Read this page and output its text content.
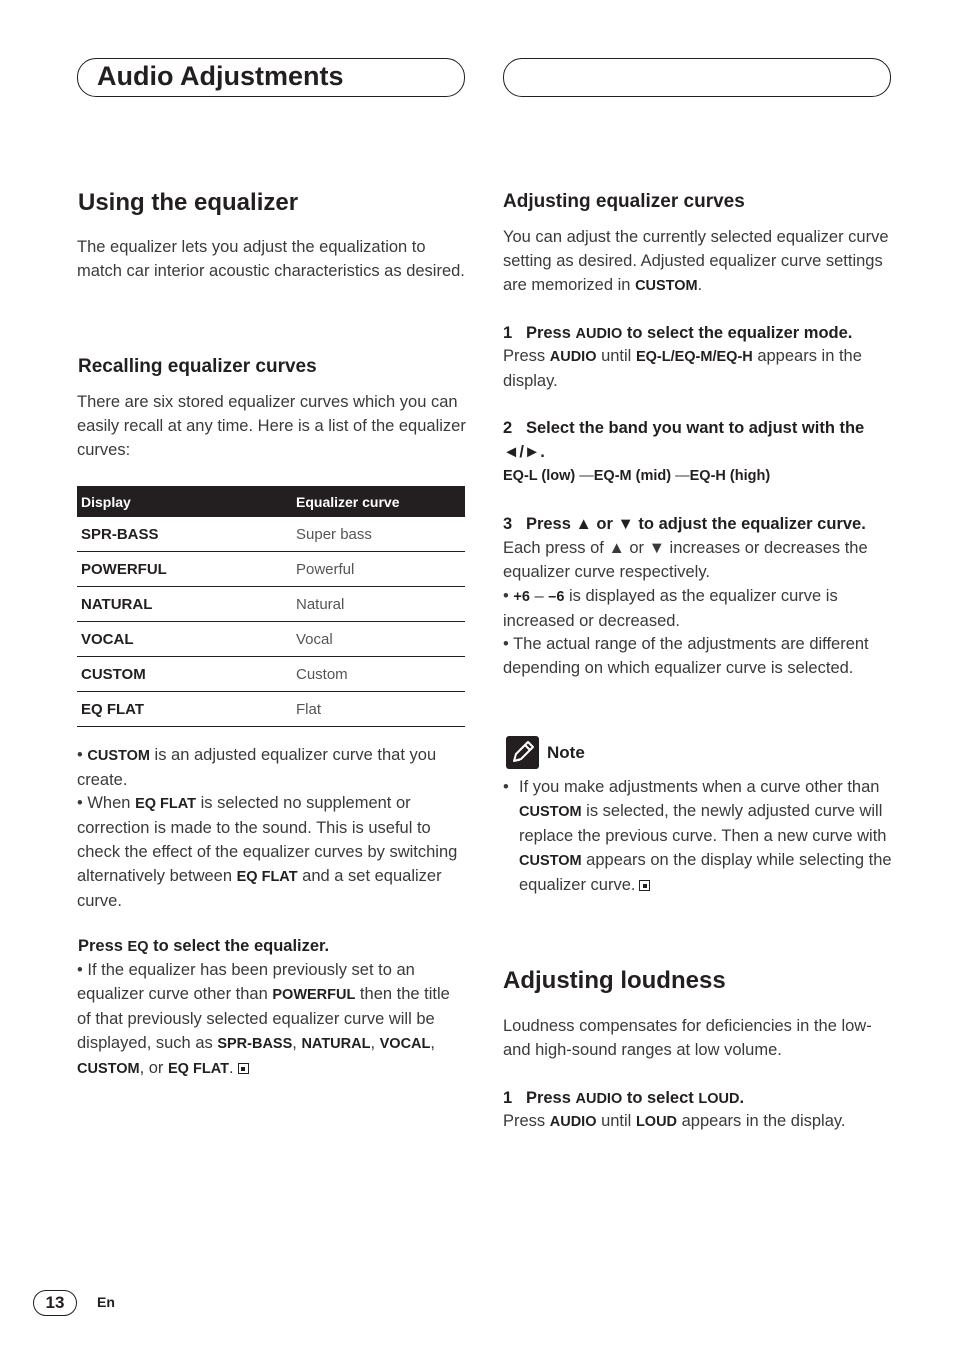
Audio Adjustments
Using the equalizer
The equalizer lets you adjust the equalization to match car interior acoustic characteristics as desired.
Recalling equalizer curves
There are six stored equalizer curves which you can easily recall at any time. Here is a list of the equalizer curves:
Display	Equalizer curve
SPR-BASS	Super bass
POWERFUL	Powerful
NATURAL	Natural
VOCAL	Vocal
CUSTOM	Custom
EQ FLAT	Flat
• CUSTOM is an adjusted equalizer curve that you create.
• When EQ FLAT is selected no supplement or correction is made to the sound. This is useful to check the effect of the equalizer curves by switching alternatively between EQ FLAT and a set equalizer curve.
Press EQ to select the equalizer.
• If the equalizer has been previously set to an equalizer curve other than POWERFUL then the title of that previously selected equalizer curve will be displayed, such as SPR-BASS, NATURAL, VOCAL, CUSTOM, or EQ FLAT.
Adjusting equalizer curves
You can adjust the currently selected equalizer curve setting as desired. Adjusted equalizer curve settings are memorized in CUSTOM.
1 Press AUDIO to select the equalizer mode.
Press AUDIO until EQ-L/EQ-M/EQ-H appears in the display.
2 Select the band you want to adjust with the ◄/►.
EQ-L (low) —EQ-M (mid) —EQ-H (high)
3 Press ▲ or ▼ to adjust the equalizer curve.
Each press of ▲ or ▼ increases or decreases the equalizer curve respectively.
• +6 – –6 is displayed as the equalizer curve is increased or decreased.
• The actual range of the adjustments are different depending on which equalizer curve is selected.
Note
• If you make adjustments when a curve other than CUSTOM is selected, the newly adjusted curve will replace the previous curve. Then a new curve with CUSTOM appears on the display while selecting the equalizer curve.
Adjusting loudness
Loudness compensates for deficiencies in the low- and high-sound ranges at low volume.
1 Press AUDIO to select LOUD.
Press AUDIO until LOUD appears in the display.
13	En
